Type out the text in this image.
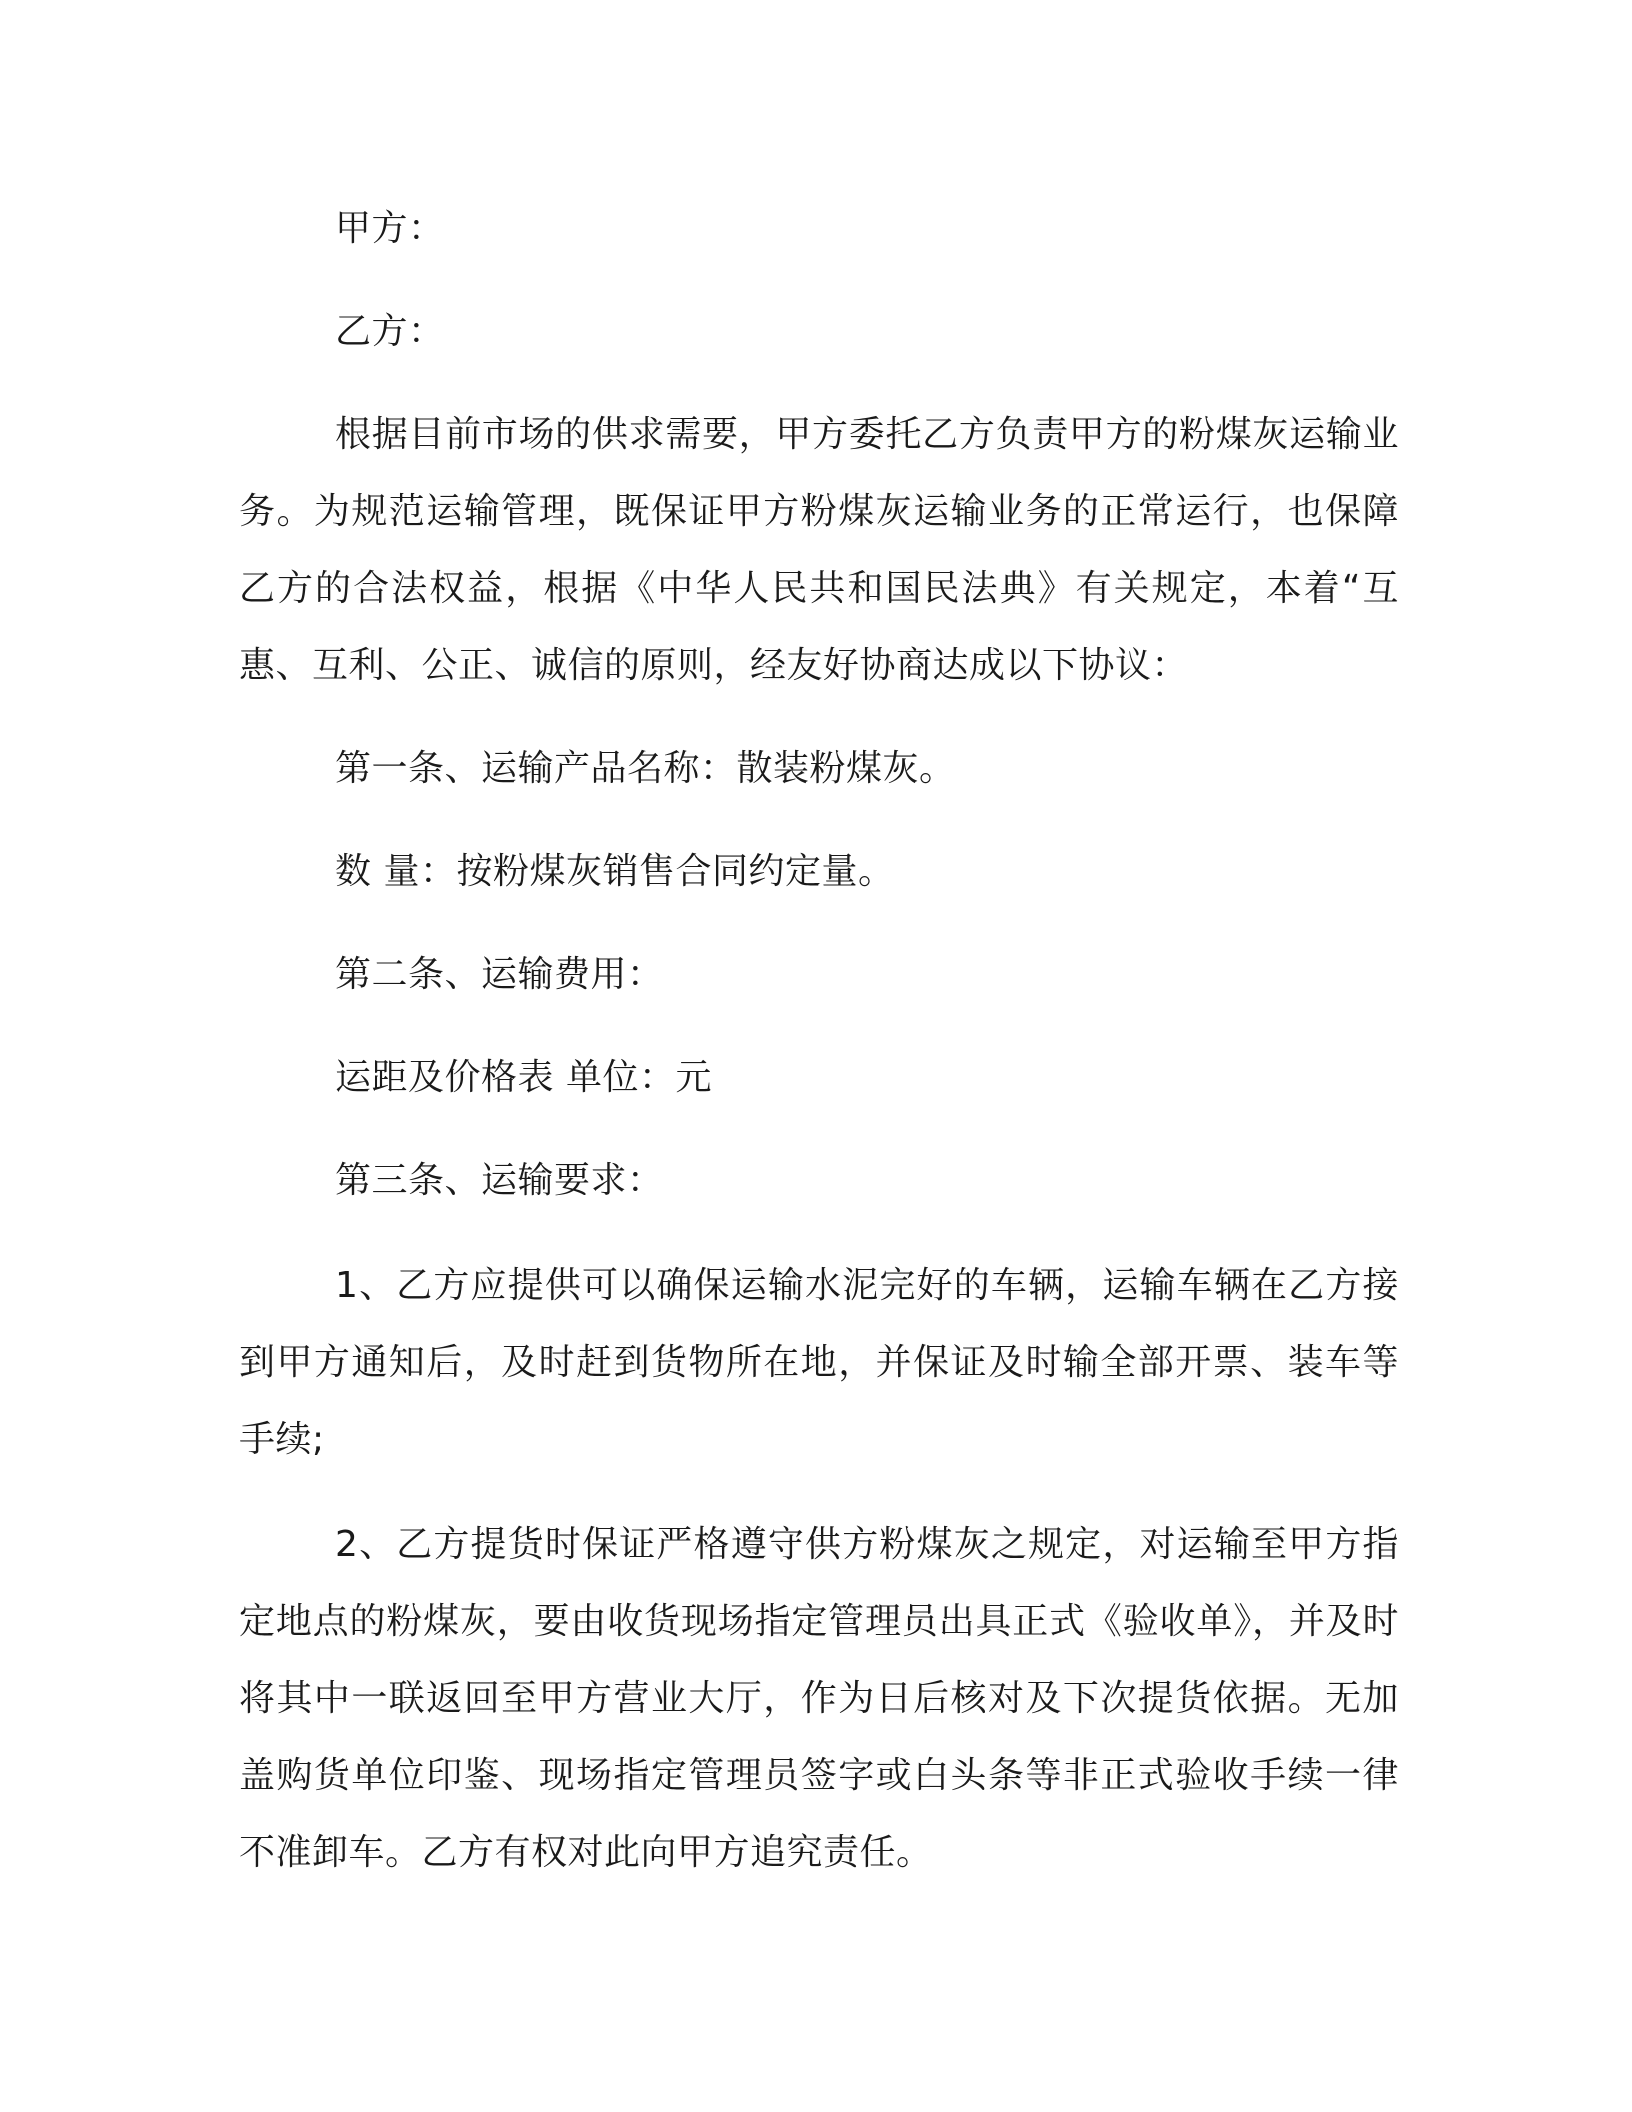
甲方：

乙方：

根据目前市场的供求需要，甲方委托乙方负责甲方的粉煤灰运输业务。为规范运输管理，既保证甲方粉煤灰运输业务的正常运行，也保障乙方的合法权益，根据《中华人民共和国民法典》有关规定，本着“互惠、互利、公正、诚信的原则，经友好协商达成以下协议：

第一条、运输产品名称：散装粉煤灰。

数 量：按粉煤灰销售合同约定量。

第二条、运输费用：

运距及价格表 单位：元

第三条、运输要求：

1、乙方应提供可以确保运输水泥完好的车辆，运输车辆在乙方接到甲方通知后，及时赶到货物所在地，并保证及时输全部开票、装车等手续;

2、乙方提货时保证严格遵守供方粉煤灰之规定，对运输至甲方指定地点的粉煤灰，要由收货现场指定管理员出具正式《验收单》，并及时将其中一联返回至甲方营业大厅，作为日后核对及下次提货依据。无加盖购货单位印鉴、现场指定管理员签字或白头条等非正式验收手续一律不准卸车。乙方有权对此向甲方追究责任。
